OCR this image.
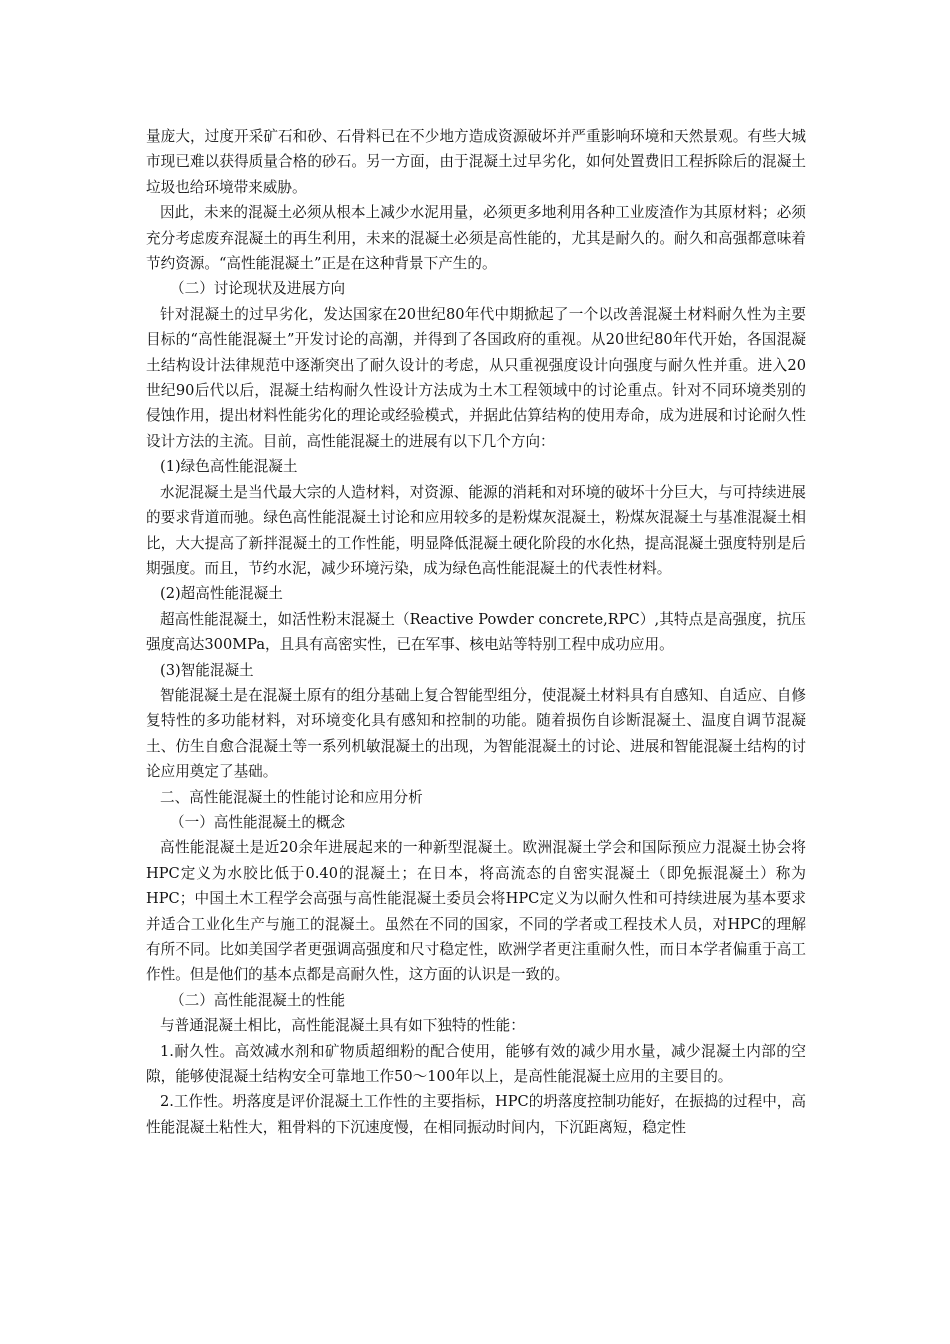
量庞大，过度开采矿石和砂、石骨料已在不少地方造成资源破坏并严重影响环境和天然景观。有些大城市现已难以获得质量合格的砂石。另一方面，由于混凝土过早劣化，如何处置费旧工程拆除后的混凝土垃圾也给环境带来威胁。

因此，未来的混凝土必须从根本上减少水泥用量，必须更多地利用各种工业废渣作为其原材料；必须充分考虑废弃混凝土的再生利用，未来的混凝土必须是高性能的，尤其是耐久的。耐久和高强都意味着节约资源。“高性能混凝土”正是在这种背景下产生的。

（二）讨论现状及进展方向

针对混凝土的过早劣化，发达国家在20世纪80年代中期掀起了一个以改善混凝土材料耐久性为主要目标的“高性能混凝土”开发讨论的高潮，并得到了各国政府的重视。从20世纪80年代开始，各国混凝土结构设计法律规范中逐渐突出了耐久设计的考虑，从只重视强度设计向强度与耐久性并重。进入20世纪90后代以后，混凝土结构耐久性设计方法成为土木工程领域中的讨论重点。针对不同环境类别的侵蚀作用，提出材料性能劣化的理论或经验模式，并据此估算结构的使用寿命，成为进展和讨论耐久性设计方法的主流。目前，高性能混凝土的进展有以下几个方向：

(1)绿色高性能混凝土

水泥混凝土是当代最大宗的人造材料，对资源、能源的消耗和对环境的破坏十分巨大，与可持续进展的要求背道而驰。绿色高性能混凝土讨论和应用较多的是粉煤灰混凝土，粉煤灰混凝土与基准混凝土相比，大大提高了新拌混凝土的工作性能，明显降低混凝土硬化阶段的水化热，提高混凝土强度特别是后期强度。而且，节约水泥，减少环境污染，成为绿色高性能混凝土的代表性材料。

(2)超高性能混凝土

超高性能混凝土，如活性粉末混凝土（Reactive Powder concrete,RPC）,其特点是高强度，抗压强度高达300MPa，且具有高密实性，已在军事、核电站等特别工程中成功应用。

(3)智能混凝土

智能混凝土是在混凝土原有的组分基础上复合智能型组分，使混凝土材料具有自感知、自适应、自修复特性的多功能材料，对环境变化具有感知和控制的功能。随着损伤自诊断混凝土、温度自调节混凝土、仿生自愈合混凝土等一系列机敏混凝土的出现，为智能混凝土的讨论、进展和智能混凝土结构的讨论应用奠定了基础。

二、高性能混凝土的性能讨论和应用分析

（一）高性能混凝土的概念

高性能混凝土是近20余年进展起来的一种新型混凝土。欧洲混凝土学会和国际预应力混凝土协会将HPC定义为水胶比低于0.40的混凝土；在日本，将高流态的自密实混凝土（即免振混凝土）称为HPC；中国土木工程学会高强与高性能混凝土委员会将HPC定义为以耐久性和可持续进展为基本要求并适合工业化生产与施工的混凝土。虽然在不同的国家，不同的学者或工程技术人员，对HPC的理解有所不同。比如美国学者更强调高强度和尺寸稳定性，欧洲学者更注重耐久性，而日本学者偏重于高工作性。但是他们的基本点都是高耐久性，这方面的认识是一致的。

（二）高性能混凝土的性能

与普通混凝土相比，高性能混凝土具有如下独特的性能：

1.耐久性。高效减水剂和矿物质超细粉的配合使用，能够有效的减少用水量，减少混凝土内部的空隙，能够使混凝土结构安全可靠地工作50～100年以上，是高性能混凝土应用的主要目的。

2.工作性。坍落度是评价混凝土工作性的主要指标，HPC的坍落度控制功能好，在振捣的过程中，高性能混凝土粘性大，粗骨料的下沉速度慢，在相同振动时间内，下沉距离短，稳定性
